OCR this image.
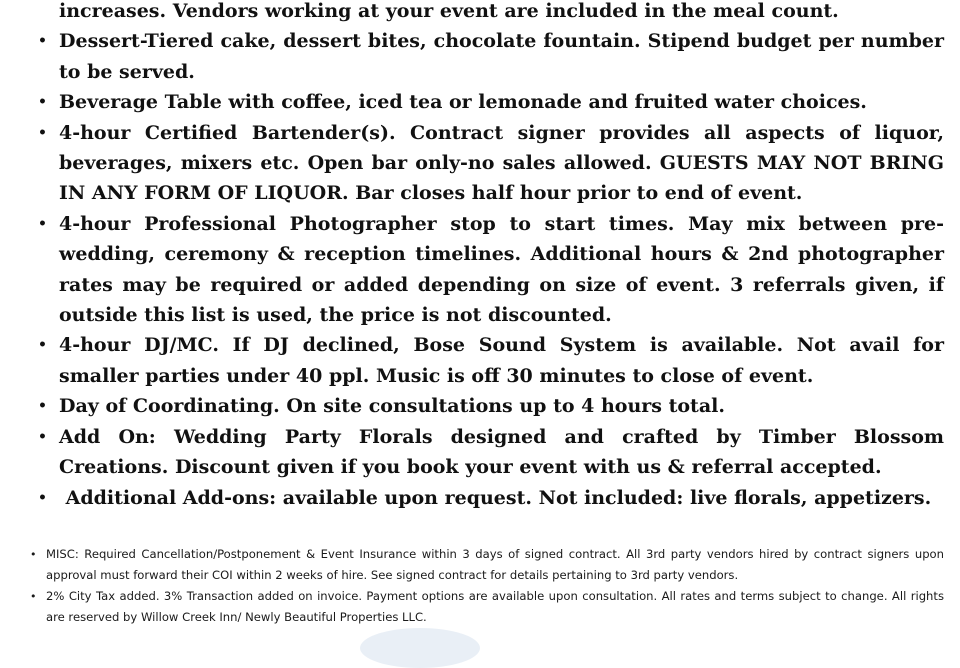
increases. Vendors working at your event are included in the meal count.
• Dessert-Tiered cake, dessert bites, chocolate fountain. Stipend budget per number to be served.
• Beverage Table with coffee, iced tea or lemonade and fruited water choices.
• 4-hour Certified Bartender(s). Contract signer provides all aspects of liquor, beverages, mixers etc. Open bar only-no sales allowed. GUESTS MAY NOT BRING IN ANY FORM OF LIQUOR. Bar closes half hour prior to end of event.
• 4-hour Professional Photographer stop to start times. May mix between pre-wedding, ceremony & reception timelines. Additional hours & 2nd photographer rates may be required or added depending on size of event. 3 referrals given, if outside this list is used, the price is not discounted.
• 4-hour DJ/MC. If DJ declined, Bose Sound System is available. Not avail for smaller parties under 40 ppl. Music is off 30 minutes to close of event.
• Day of Coordinating. On site consultations up to 4 hours total.
• Add On: Wedding Party Florals designed and crafted by Timber Blossom Creations. Discount given if you book your event with us & referral accepted.
• Additional Add-ons: available upon request. Not included: live florals, appetizers.
• MISC: Required Cancellation/Postponement & Event Insurance within 3 days of signed contract. All 3rd party vendors hired by contract signers upon approval must forward their COI within 2 weeks of hire. See signed contract for details pertaining to 3rd party vendors.
• 2% City Tax added. 3% Transaction added on invoice. Payment options are available upon consultation. All rates and terms subject to change. All rights are reserved by Willow Creek Inn/ Newly Beautiful Properties LLC.
